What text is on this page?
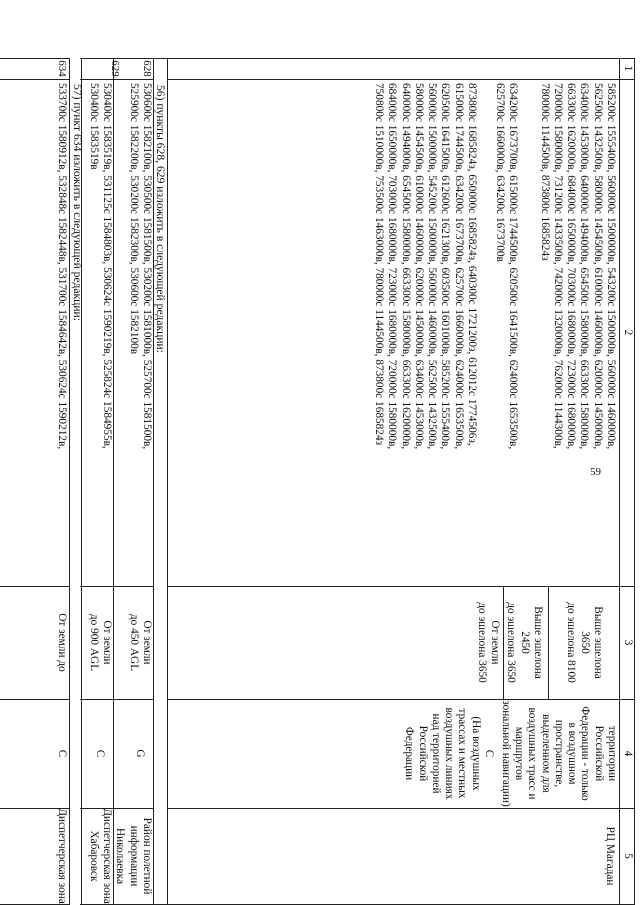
59
1
2
3
4
5
585200с 1555400в, 560000с 1500000в, 543200с 1500000в, 560000с 1460000в,
562500с 1432500в, 580000с 1454500в, 610000с 1460000в, 620000с 1450000в,
634000с 1453000в, 640000с 1494000в, 654500с 1580000в, 663300с 1580000в,
663300с 1620000в, 684000с 1650000в, 703000с 1680000в, 723000с 1680000в,
720000с 1580000в, 731200с 1433500в, 742000с 1320000в, 762000с 1144300в,
780000с 1144500в, 873800с 1685824з
634200с 1673700в, 615000с 1744500в, 620500с 1641500в, 624000с 1653500в,
625700с 1660000в, 634200с 1673700в
873800с 1685824з, 650000с 1685824з, 640300с 1721200з, 612012с 1774506з,
615000с 1744500в, 634200с 1673700в, 625700с 1660000в, 624000с 1653500в,
620500с 1641500в, 612600с 1621300в, 603500с 1601000в, 585200с 1555400в,
560000с 1500000в, 545200с 1500000в, 560000с 1460000в, 562500с 1432500в,
580000с 1454500в, 610000с 1460000в, 620000с 1450000в, 634000с 1453000в,
640000с 1494000в, 654500с 1580000в, 663300с 1580000в, 663300с 1620000в,
684000с 1650000в, 703000с 1680000в, 723000с 1680000в, 720000с 1580000в,
750800с 1510000в, 753500с 1463000в, 780000с 1144500в, 873800с 1685824з
Выше эшелона
3650
до эшелона 8100
Выше эшелона
2450
до эшелона 3650
От земли
до эшелона 3650
территории
Российской
Федерации - только
в воздушном
пространстве,
выделенном для
воздушных трасс и
маршрутов
зональной навигации)
C
(На воздушных
трассах и местных
воздушных линиях
над территорией
Российской
Федерации
РЦ Магадан
56) пункты 628, 629 изложить в следующей редакции:
628
530600с 1582100в, 530500с 1581500в, 530200с 1581000в, 525700с 1581500в,
525900с 1582200в, 530200с 1582300в, 530600с 1582100в
От земли
до 450 AGL
G
Район полетной
информации
Николаевка
629
530400с 1583519в, 531125с 1584803в, 530624с 1590219в, 525824с 1584955в,
530400с 1583519в
От земли
до 900 AGL
C
Диспетчерская зона
Хабаровск
57) пункт 634 изложить в следующей редакции:
634
533700с 1580912в, 532848с 1582448в, 531700с 1584642в, 530624с 1590212в,
От земли до
C
Диспетчерская зона
